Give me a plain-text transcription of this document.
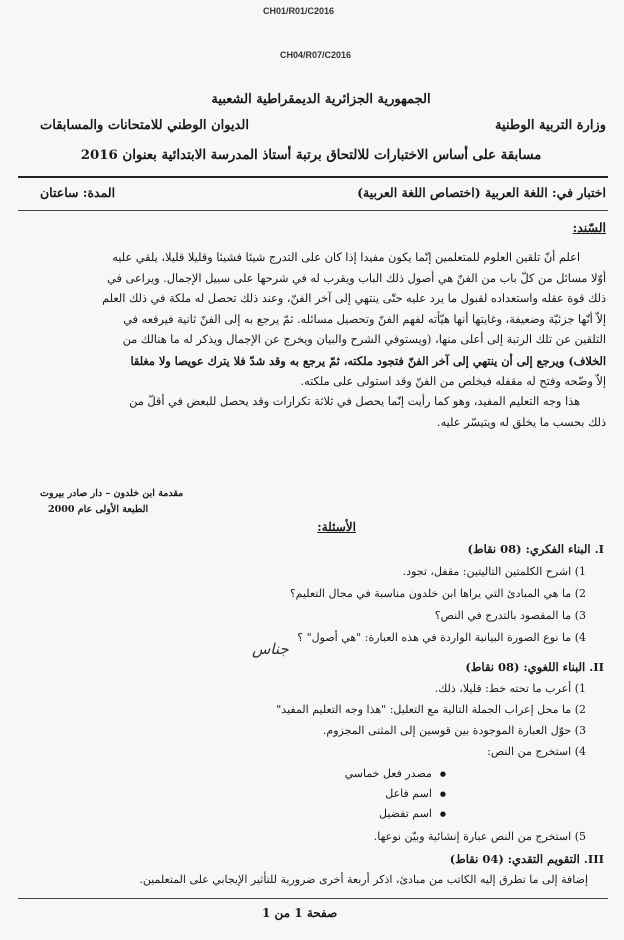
CH01/R01/C2016
CH04/R07/C2016
الجمهورية الجزائرية الديمقراطية الشعبية
وزارة التربية الوطنية
الديوان الوطني للامتحانات والمسابقات
مسابقة على أساس الاختبارات للالتحاق برتبة أستاذ المدرسة الابتدائية بعنوان 2016
اختبار في: اللغة العربية (اختصاص اللغة العربية)
المدة: ساعتان
السّند:
اعلم أنّ تلقين العلوم للمتعلمين إنّما يكون مفيدا إذا كان على التدرج شيئا فشيئا وقليلا قليلا، يلقي عليه
أوّلا مسائل من كلّ باب من الفنّ هي أصول ذلك الباب ويقرب له في شرحها على سبيل الإجمال. ويراعى في
ذلك قوة عقله واستعداده لقبول ما يرد عليه حتّى ينتهي إلى آخر الفنّ، وعند ذلك تحصل له ملكة في ذلك العلم
إلاّ أنّها جزئيّة وضعيفة، وغايتها أنها هيّأته لفهم الفنّ وتحصيل مسائله. ثمّ يرجع به إلى الفنّ ثانية فيرفعه في
التلقين عن تلك الرتبة إلى أعلى منها، (ويستوفي الشرح والبيان ويخرج عن الإجمال ويذكر له ما هنالك من
الخلاف) ويرجع إلى أن ينتهي إلى آخر الفنّ فتجود ملكته، ثمّ يرجع به وقد شدّ فلا يترك عويصا ولا مغلقا
إلاّ وضّحه وفتح له مقفله فيخلص من الفنّ وقد استولى على ملكته.
هذا وجه التعليم المفيد، وهو كما رأيت إنّما يحصل في ثلاثة تكرارات وقد يحصل للبعض في أقلّ من
ذلك بحسب ما يخلق له ويتيسّر عليه.
مقدمة ابن خلدون – دار صادر بيروت
الطبعة الأولى عام 2000
الأسئلة:
I. البناء الفكري: (08 نقاط)
1) اشرح الكلمتين التاليتين: مقفل، تجود.
2) ما هي المبادئ التي يراها ابن خلدون مناسبة في مجال التعليم؟
3) ما المقصود بالتدرج في النص؟
4) ما نوع الصورة البيانية الواردة في هذه العبارة: "هي أصول" ؟
جناس
II. البناء اللغوي: (08 نقاط)
1) أعرب ما تحته خط: قليلا، ذلك.
2) ما محل إعراب الجملة التالية مع التعليل: "هذا وجه التعليم المفيد"
3) حوّل العبارة الموجودة بين قوسين إلى المثنى المجزوم.
4) استخرج من النص:
● مصدر فعل خماسي
● اسم فاعل
● اسم تفضيل
5) استخرج من النص عبارة إنشائية وبيّن نوعها.
III. التقويم التقدي: (04 نقاط)
إضافة إلى ما تطرق إليه الكاتب من مبادئ، اذكر أربعة أخرى ضرورية للتأثير الإيجابي على المتعلمين.
صفحة 1 من 1
